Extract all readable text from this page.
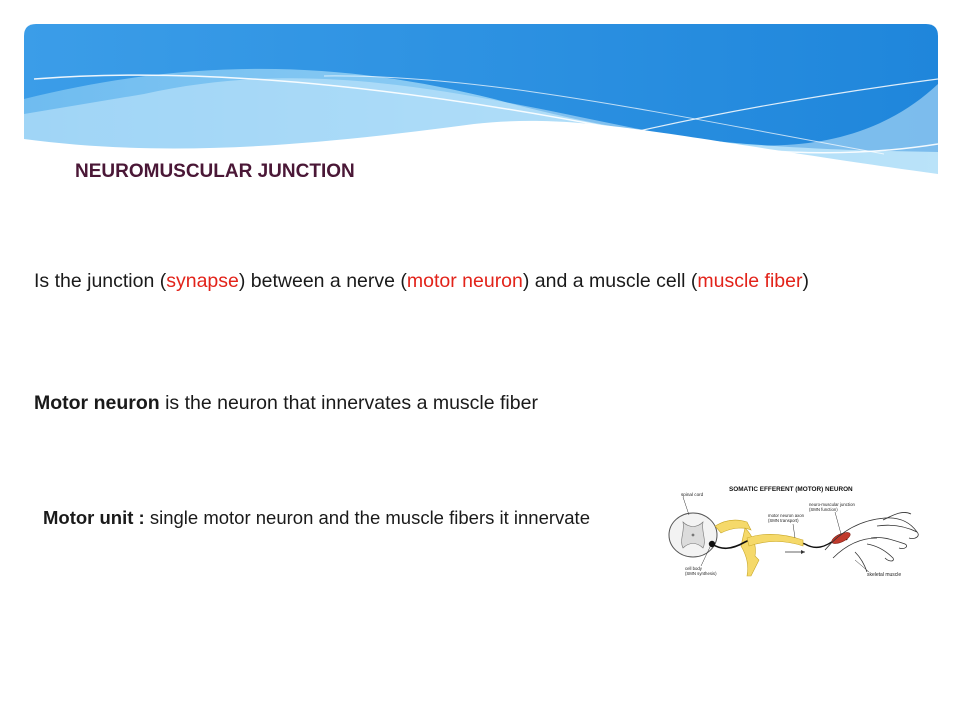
NEUROMUSCULAR JUNCTION
Is the junction (synapse) between a nerve (motor neuron) and a muscle cell (muscle fiber)
Motor neuron is the neuron that innervates a muscle fiber
Motor unit : single motor neuron and the muscle fibers it innervate
SOMATIC EFFERENT (MOTOR) NEURON
spinal cord
neuro-muscular junction
(SMN function)
motor neuron axon
(SMN transport)
cell body
(SMN synthesis)	skeletal muscle
